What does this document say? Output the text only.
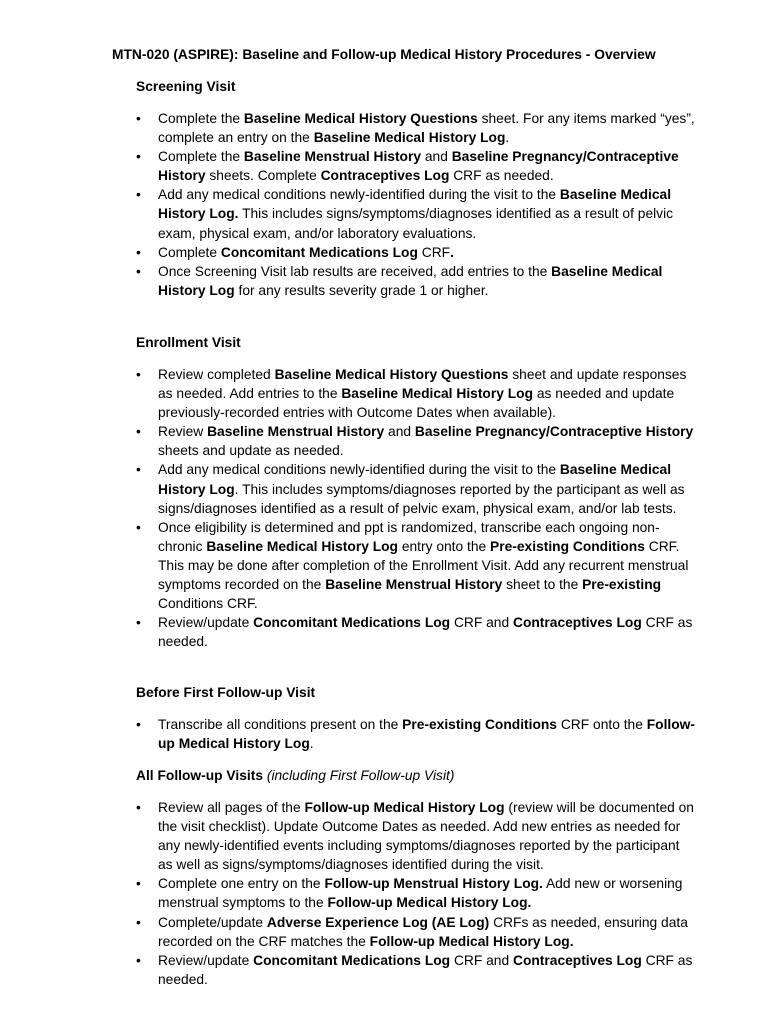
MTN-020 (ASPIRE): Baseline and Follow-up Medical History Procedures - Overview

Screening Visit

• Complete the Baseline Medical History Questions sheet. For any items marked “yes”, complete an entry on the Baseline Medical History Log.
• Complete the Baseline Menstrual History and Baseline Pregnancy/Contraceptive History sheets. Complete Contraceptives Log CRF as needed.
• Add any medical conditions newly-identified during the visit to the Baseline Medical History Log. This includes signs/symptoms/diagnoses identified as a result of pelvic exam, physical exam, and/or laboratory evaluations.
• Complete Concomitant Medications Log CRF.
• Once Screening Visit lab results are received, add entries to the Baseline Medical History Log for any results severity grade 1 or higher.

Enrollment Visit

• Review completed Baseline Medical History Questions sheet and update responses as needed. Add entries to the Baseline Medical History Log as needed and update previously-recorded entries with Outcome Dates when available).
• Review Baseline Menstrual History and Baseline Pregnancy/Contraceptive History sheets and update as needed.
• Add any medical conditions newly-identified during the visit to the Baseline Medical History Log. This includes symptoms/diagnoses reported by the participant as well as signs/diagnoses identified as a result of pelvic exam, physical exam, and/or lab tests.
• Once eligibility is determined and ppt is randomized, transcribe each ongoing non-chronic Baseline Medical History Log entry onto the Pre-existing Conditions CRF. This may be done after completion of the Enrollment Visit. Add any recurrent menstrual symptoms recorded on the Baseline Menstrual History sheet to the Pre-existing Conditions CRF.
• Review/update Concomitant Medications Log CRF and Contraceptives Log CRF as needed.

Before First Follow-up Visit

• Transcribe all conditions present on the Pre-existing Conditions CRF onto the Follow-up Medical History Log.

All Follow-up Visits (including First Follow-up Visit)

• Review all pages of the Follow-up Medical History Log (review will be documented on the visit checklist). Update Outcome Dates as needed. Add new entries as needed for any newly-identified events including symptoms/diagnoses reported by the participant as well as signs/symptoms/diagnoses identified during the visit.
• Complete one entry on the Follow-up Menstrual History Log. Add new or worsening menstrual symptoms to the Follow-up Medical History Log.
• Complete/update Adverse Experience Log (AE Log) CRFs as needed, ensuring data recorded on the CRF matches the Follow-up Medical History Log.
• Review/update Concomitant Medications Log CRF and Contraceptives Log CRF as needed.
